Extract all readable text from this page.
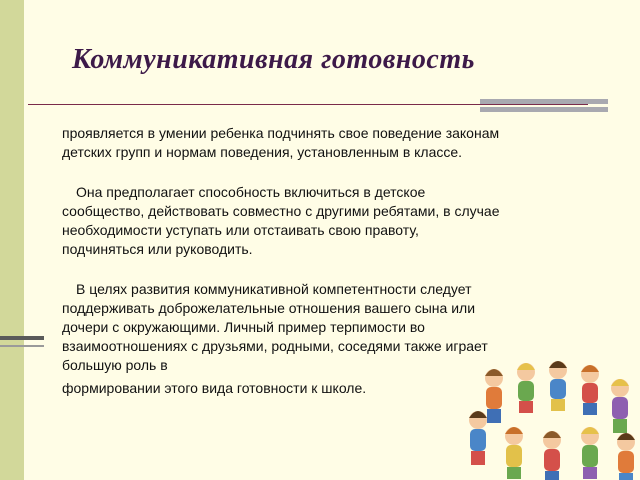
Коммуникативная готовность

проявляется в умении ребенка подчинять свое поведение законам детских групп и нормам поведения, установленным в классе.

Она предполагает способность включиться в детское сообщество, действовать совместно с другими ребятами, в случае необходимости уступать или отстаивать свою правоту, подчиняться или руководить.

В целях развития коммуникативной компетентности следует поддерживать доброжелательные отношения вашего сына или дочери с окружающими. Личный пример терпимости во взаимоотношениях с друзьями, родными, соседями также играет большую роль в
формировании этого вида готовности к школе.
